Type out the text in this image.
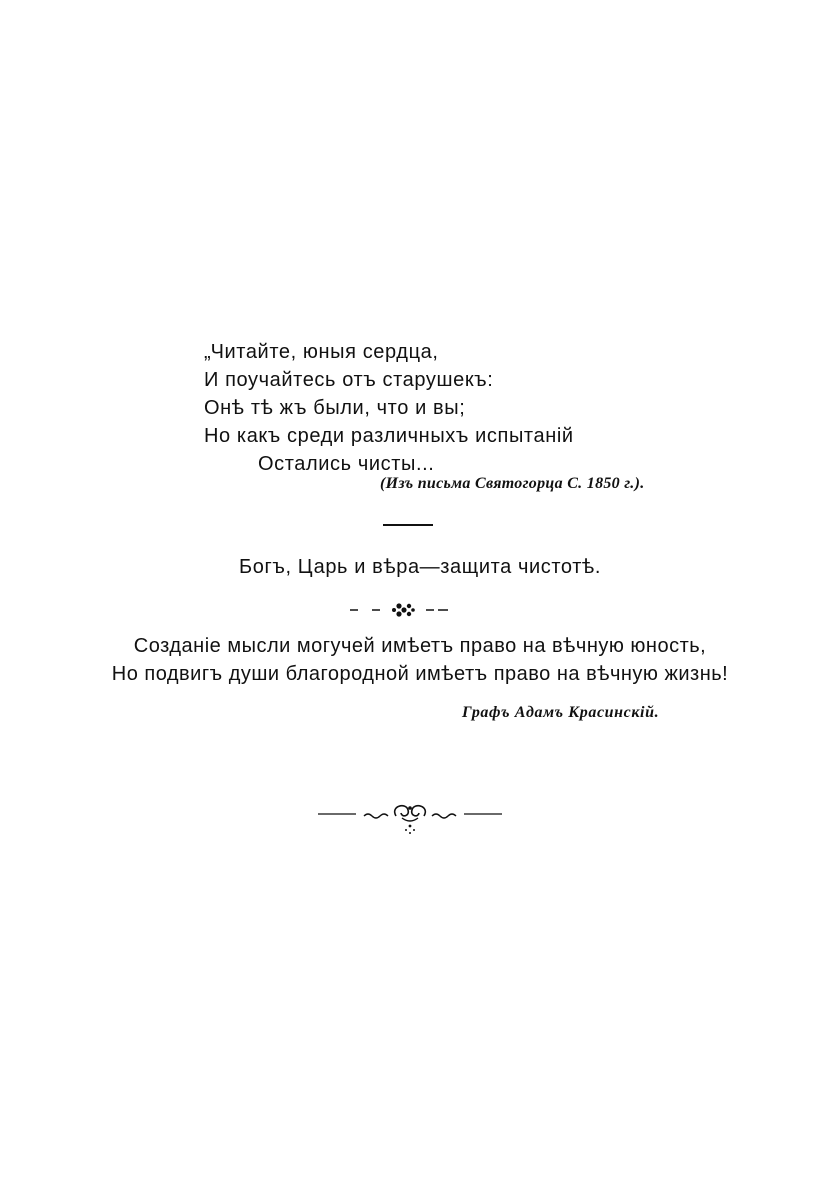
„Читайте, юныя сердца,
И поучайтесь отъ старушекъ:
Онѣ тѣ жъ были, что и вы;
Но какъ среди различныхъ испытаній
Остались чисты...
(Изъ письма Святогорца С. 1850 г.).
Богъ, Царь и вѣра—защита чистотѣ.
Созданіе мысли могучей имѣетъ право на вѣчную юность,
Но подвигъ души благородной имѣетъ право на вѣчную жизнь!
Графъ Адамъ Красинскій.
